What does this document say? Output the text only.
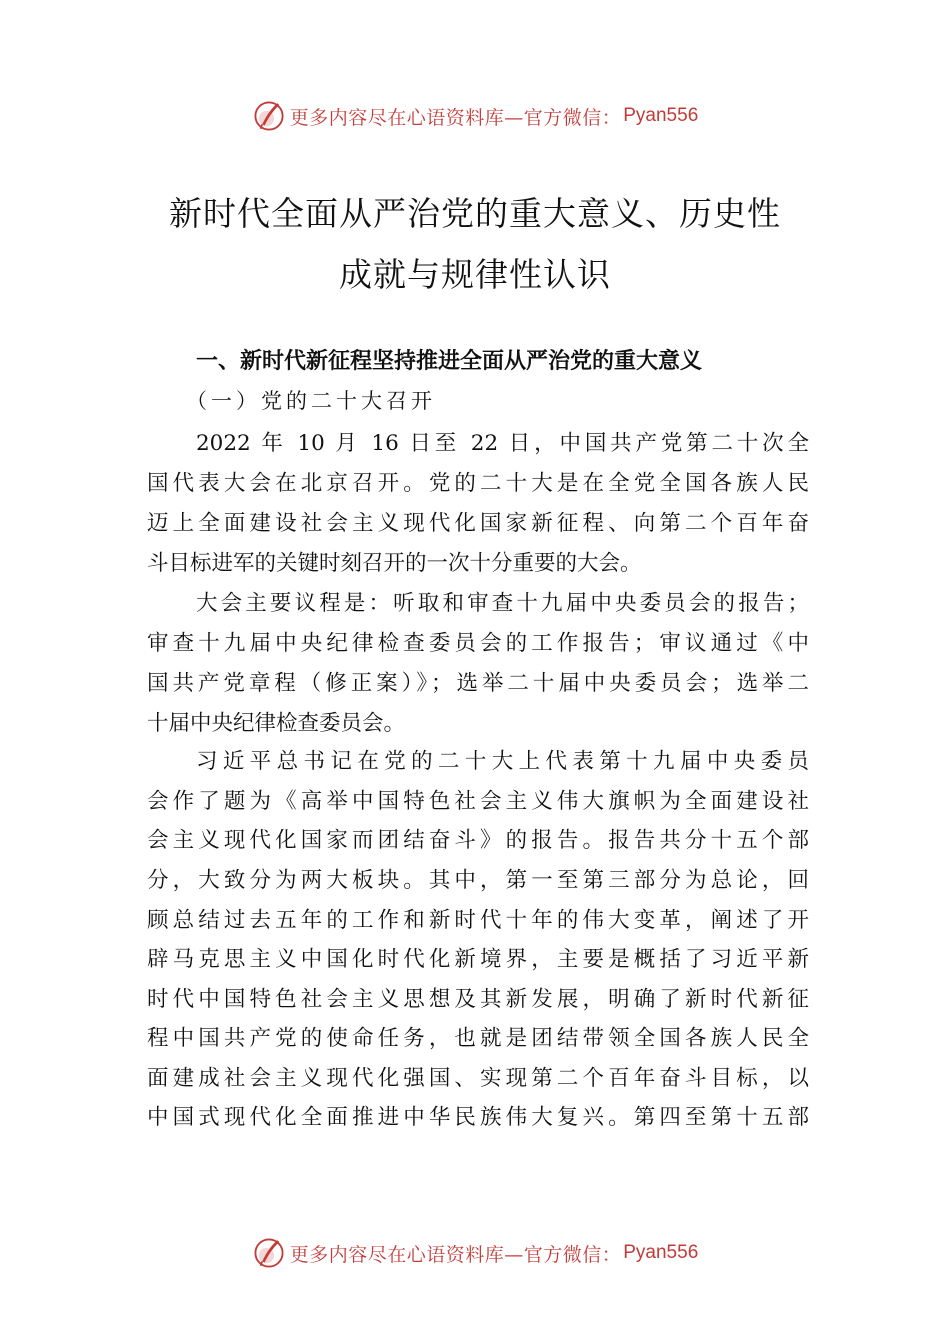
更多内容尽在心语资料库—官方微信： Pyan556
新时代全面从严治党的重大意义、历史性
成就与规律性认识
一、新时代新征程坚持推进全面从严治党的重大意义
（一）党的二十大召开
2022 年 10 月 16 日至 22 日，中国共产党第二十次全
国代表大会在北京召开。党的二十大是在全党全国各族人民
迈上全面建设社会主义现代化国家新征程、向第二个百年奋
斗目标进军的关键时刻召开的一次十分重要的大会。
大会主要议程是：听取和审查十九届中央委员会的报告；
审查十九届中央纪律检查委员会的工作报告；审议通过《中
国共产党章程（修正案）》；选举二十届中央委员会；选举二
十届中央纪律检查委员会。
习近平总书记在党的二十大上代表第十九届中央委员
会作了题为《高举中国特色社会主义伟大旗帜为全面建设社
会主义现代化国家而团结奋斗》的报告。报告共分十五个部
分，大致分为两大板块。其中，第一至第三部分为总论，回
顾总结过去五年的工作和新时代十年的伟大变革，阐述了开
辟马克思主义中国化时代化新境界，主要是概括了习近平新
时代中国特色社会主义思想及其新发展，明确了新时代新征
程中国共产党的使命任务，也就是团结带领全国各族人民全
面建成社会主义现代化强国、实现第二个百年奋斗目标，以
中国式现代化全面推进中华民族伟大复兴。第四至第十五部
更多内容尽在心语资料库—官方微信： Pyan556
